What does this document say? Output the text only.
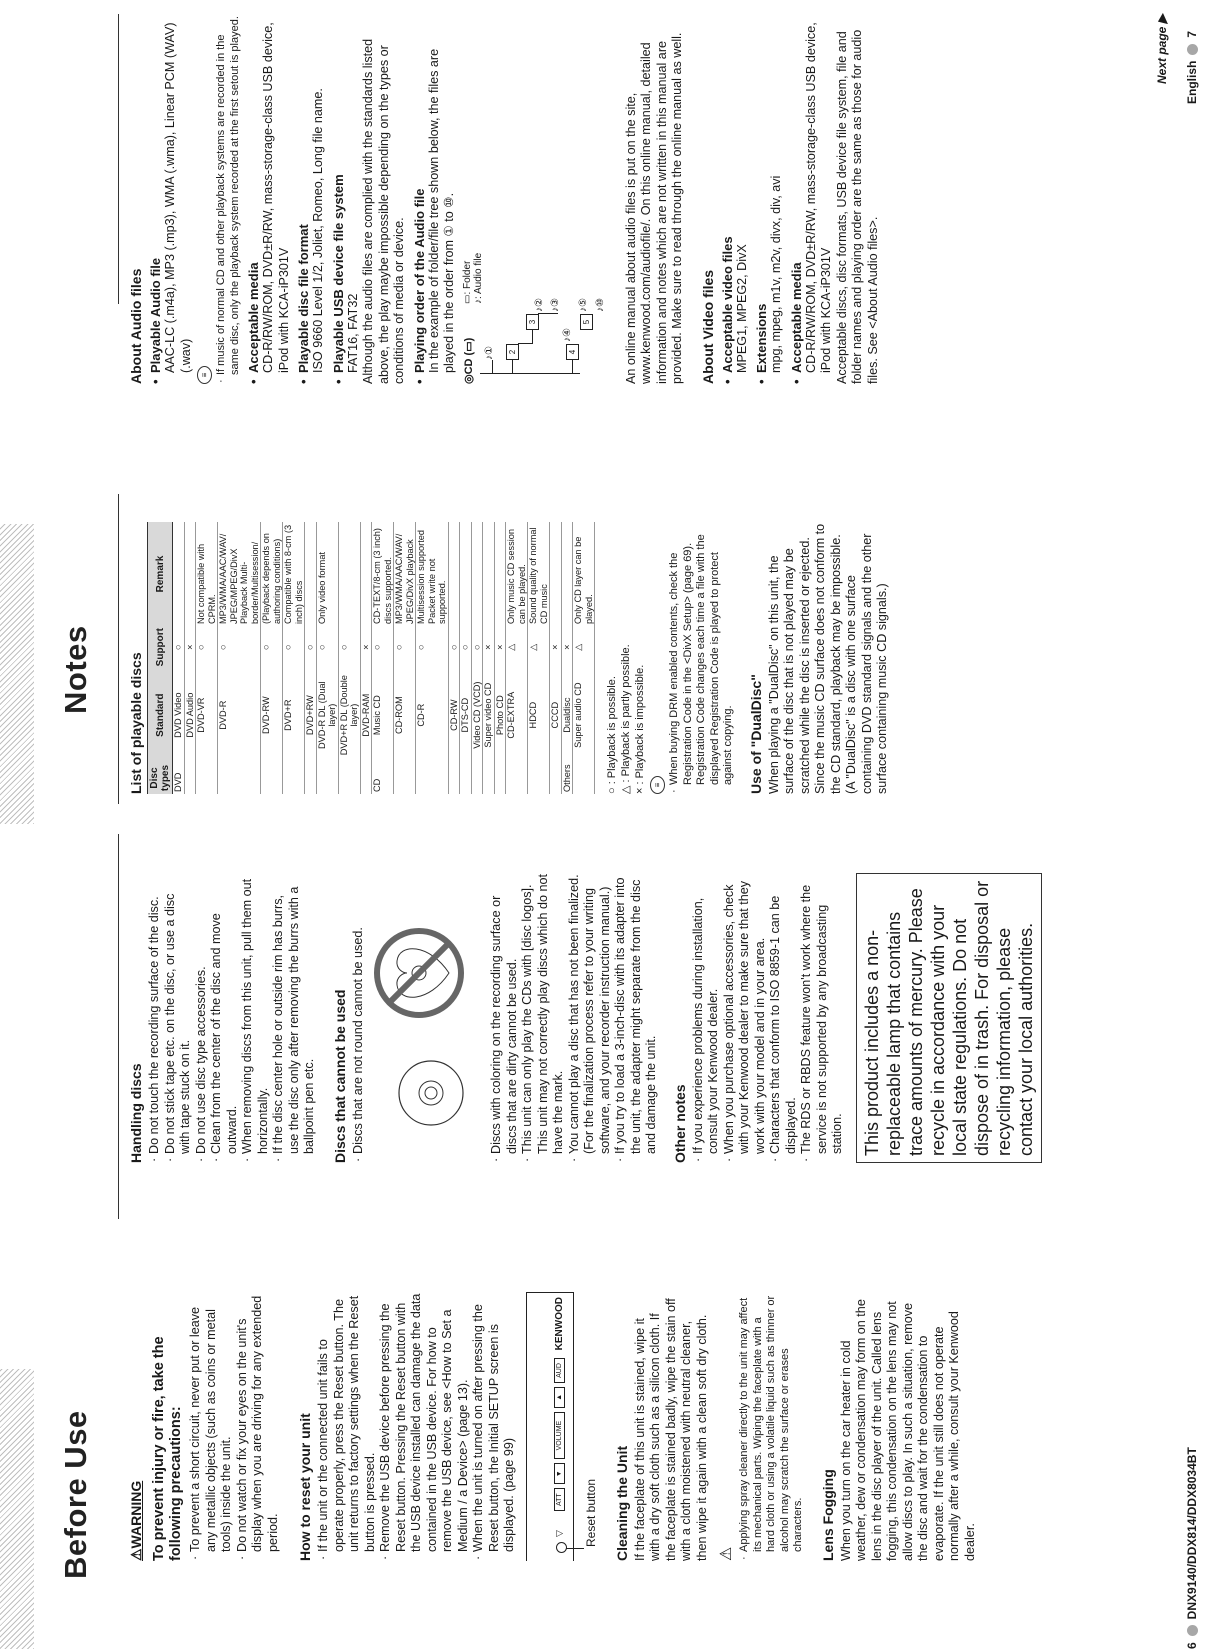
Before Use	⚠WARNING To prevent injury or fire, take the following precautions: · To prevent a short circuit, never put or leave any metallic objects (such as coins or metal tools) inside the unit. · Do not watch or fix your eyes on the unit's display when you are driving for any extended period. How to reset your unit · If the unit or the connected unit fails to operate properly, press the Reset button. The unit returns to factory settings when the Reset button is pressed. · Remove the USB device before pressing the Reset button. Pressing the Reset button with the USB device installed can damage the data contained in the USB device. For how to remove the USB device, see <How to Set a Medium / a Device> (page 13). · When the unit is turned on after pressing the Reset button, the Initial SETUP screen is displayed. (page 99)	▽
ATT
▼
VOLUME
▲
AUD
KENWOOD
Reset button Cleaning the Unit If the faceplate of this unit is stained, wipe it with a dry soft cloth such as a silicon cloth. If the faceplate is stained badly, wipe the stain off with a cloth moistened with neutral cleaner, then wipe it again with a clean soft dry cloth. ⚠
· Applying spray cleaner directly to the unit may affect its mechanical parts. Wiping the faceplate with a hard cloth or using a volatile liquid such as thinner or alcohol may scratch the surface or erases characters. Lens Fogging When you turn on the car heater in cold weather, dew or condensation may form on the lens in the disc player of the unit. Called lens fogging, this condensation on the lens may not allow discs to play. In such a situation, remove the disc and wait for the condensation to evaporate. If the unit still does not operate normally after a while, consult your Kenwood dealer.

Handling discs · Do not touch the recording surface of the disc. · Do not stick tape etc. on the disc, or use a disc with tape stuck on it. · Do not use disc type accessories. · Clean from the center of the disc and move outward. · When removing discs from this unit, pull them out horizontally. · If the disc center hole or outside rim has burrs, use the disc only after removing the burrs with a ballpoint pen etc. Discs that cannot be used · Discs that are not round cannot be used.	· Discs with coloring on the recording surface or discs that are dirty cannot be used. · This unit can only play the CDs with [disc logos]. This unit may not correctly play discs which do not have the mark. · You cannot play a disc that has not been finalized. (For the finalization process refer to your writing software, and your recorder instruction manual.) · If you try to load a 3-inch-disc with its adapter into the unit, the adapter might separate from the disc and damage the unit. Other notes · If you experience problems during installation, consult your Kenwood dealer. · When you purchase optional accessories, check with your Kenwood dealer to make sure that they work with your model and in your area. · Characters that conform to ISO 8859-1 can be displayed. · The RDS or RBDS feature won't work where the service is not supported by any broadcasting station. This product includes a non-replaceable lamp that contains trace amounts of mercury. Please recycle in accordance with your local state regulations. Do not dispose of in trash. For disposal or recycling information, please contact your local authorities.
6DNX9140/DDX814/DDX8034BT
Notes	List of playable discs Disc types	Standard	Support	Remark
DVD	DVD Video	○	
	DVD Audio	×	
	DVD-VR	○	Not compatible with CPRM.
	DVD-R	○	MP3/WMA/AAC/WAV/ JPEG/MPEG/DivX Playback Multi-border/Multisession/
	DVD-RW	○	(Playback depends on authoring conditions)
	DVD+R	○	Compatible with 8-cm (3 inch) discs
	DVD+RW	○	
	DVD-R DL (Dual layer)	○	Only video format
	DVD+R DL (Double layer)	○	
	DVD-RAM	×	
CD	Music CD	○	CD-TEXT/8-cm (3 inch) discs supported.
	CD-ROM	○	MP3/WMA/AAC/WAV/ JPEG/DivX playback
	CD-R	○	Multisession supported Packet write not supported.
	CD-RW	○	
	DTS-CD	○	
	Video CD (VCD)	○	
	Super video CD	×	
	Photo CD	×	
	CD-EXTRA	△	Only music CD session can be played.
	HDCD	△	Sound quality of normal CD music
	CCCD	×	
Others	Dualdisc	×	
	Super audio CD	△	Only CD layer can be played.

○ : Playback is possible. △ : Playback is partly possible. × : Playback is impossible. ≡
· When buying DRM enabled contents, check the Registration Code in the <DivX Setup> (page 69). Registration Code changes each time a file with the displayed Registration Code is played to protect against copying. Use of "DualDisc" When playing a "DualDisc" on this unit, the surface of the disc that is not played may be scratched while the disc is inserted or ejected. Since the music CD surface does not conform to the CD standard, playback may be impossible. (A "DualDisc" is a disc with one surface containing DVD standard signals and the other surface containing music CD signals.)

About Audio files • Playable Audio file AAC-LC (.m4a), MP3 (.mp3), WMA (.wma), Linear PCM (WAV) (.wav)
≡
· If music of normal CD and other playback systems are recorded in the same disc, only the playback system recorded at the first setout is played. • Acceptable media CD-R/RW/ROM, DVD±R/RW, mass-storage-class USB device, iPod with KCA-iP301V • Playable disc file format ISO 9660 Level 1/2, Joliet, Romeo, Long file name. • Playable USB device file system FAT16, FAT32 Although the audio files are complied with the standards listed above, the play maybe impossible depending on the types or conditions of media or device. • Playing order of the Audio file In the example of folder/file tree shown below, the files are played in the order from ① to ⑩.
◎CD (▭)
▭: Folder
♪: Audio file
♪① 2
3
♪②
♪③
4
♪④
5
♪⑤
♪⑩ An online manual about audio files is put on the site, www.kenwood.com/audiofile/. On this online manual, detailed information and notes which are not written in this manual are provided. Make sure to read through the online manual as well. About Video files • Acceptable video files MPEG1, MPEG2, DivX • Extensions mpg, mpeg, m1v, m2v, divx, div, avi • Acceptable media CD-R/RW/ROM, DVD±R/RW, mass-storage-class USB device, iPod with KCA-iP301V Acceptable discs, disc formats, USB device file system, file and folder names and playing order are the same as those for audio files. See <About Audio files>.

Next page ▶ English7
